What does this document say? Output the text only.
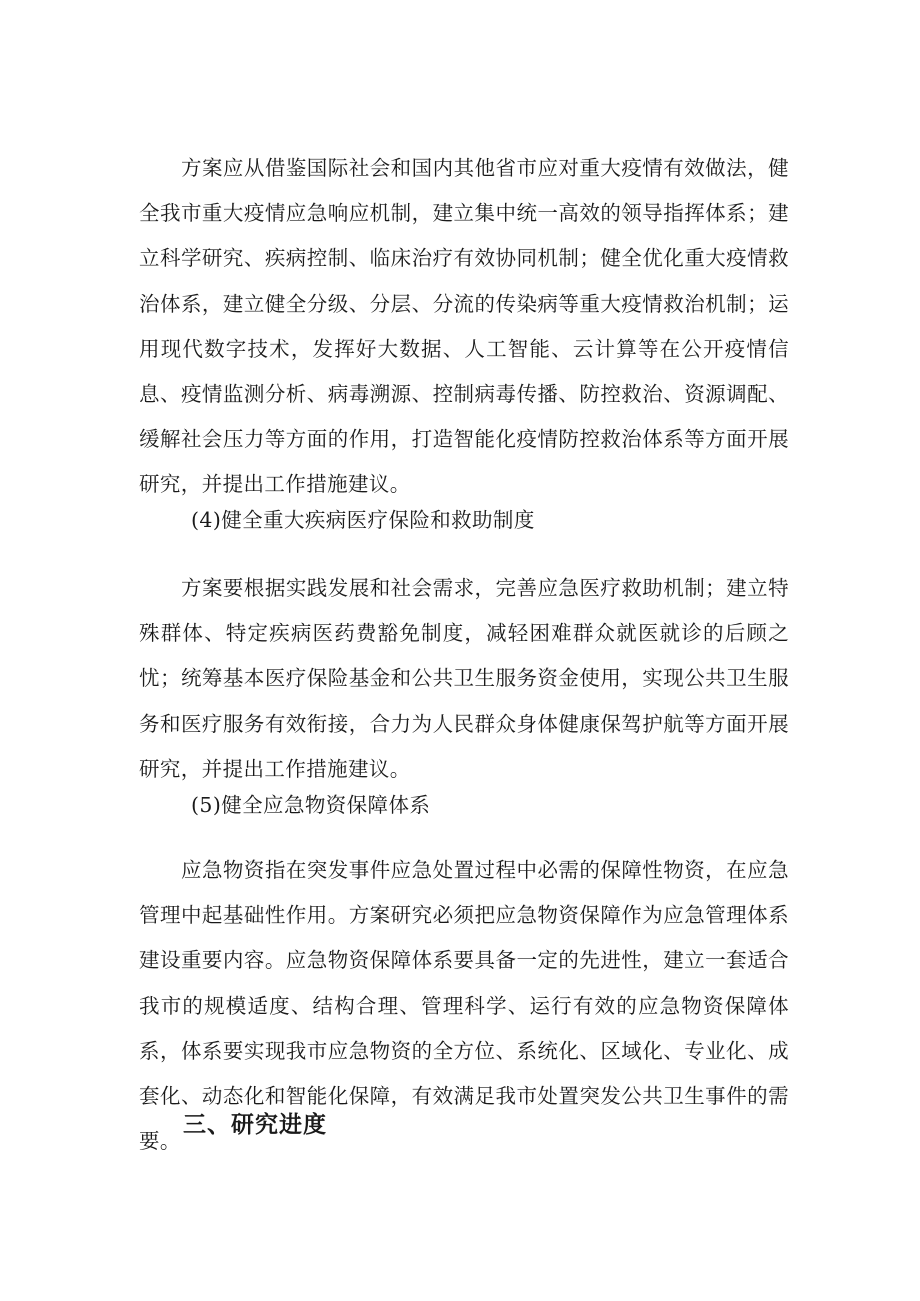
方案应从借鉴国际社会和国内其他省市应对重大疫情有效做法，健全我市重大疫情应急响应机制，建立集中统一高效的领导指挥体系；建立科学研究、疾病控制、临床治疗有效协同机制；健全优化重大疫情救治体系，建立健全分级、分层、分流的传染病等重大疫情救治机制；运用现代数字技术，发挥好大数据、人工智能、云计算等在公开疫情信息、疫情监测分析、病毒溯源、控制病毒传播、防控救治、资源调配、缓解社会压力等方面的作用，打造智能化疫情防控救治体系等方面开展研究，并提出工作措施建议。

(4)健全重大疾病医疗保险和救助制度

方案要根据实践发展和社会需求，完善应急医疗救助机制；建立特殊群体、特定疾病医药费豁免制度，减轻困难群众就医就诊的后顾之忧；统筹基本医疗保险基金和公共卫生服务资金使用，实现公共卫生服务和医疗服务有效衔接，合力为人民群众身体健康保驾护航等方面开展研究，并提出工作措施建议。

(5)健全应急物资保障体系

应急物资指在突发事件应急处置过程中必需的保障性物资，在应急管理中起基础性作用。方案研究必须把应急物资保障作为应急管理体系建设重要内容。应急物资保障体系要具备一定的先进性，建立一套适合我市的规模适度、结构合理、管理科学、运行有效的应急物资保障体系，体系要实现我市应急物资的全方位、系统化、区域化、专业化、成套化、动态化和智能化保障，有效满足我市处置突发公共卫生事件的需要。

三、研究进度
